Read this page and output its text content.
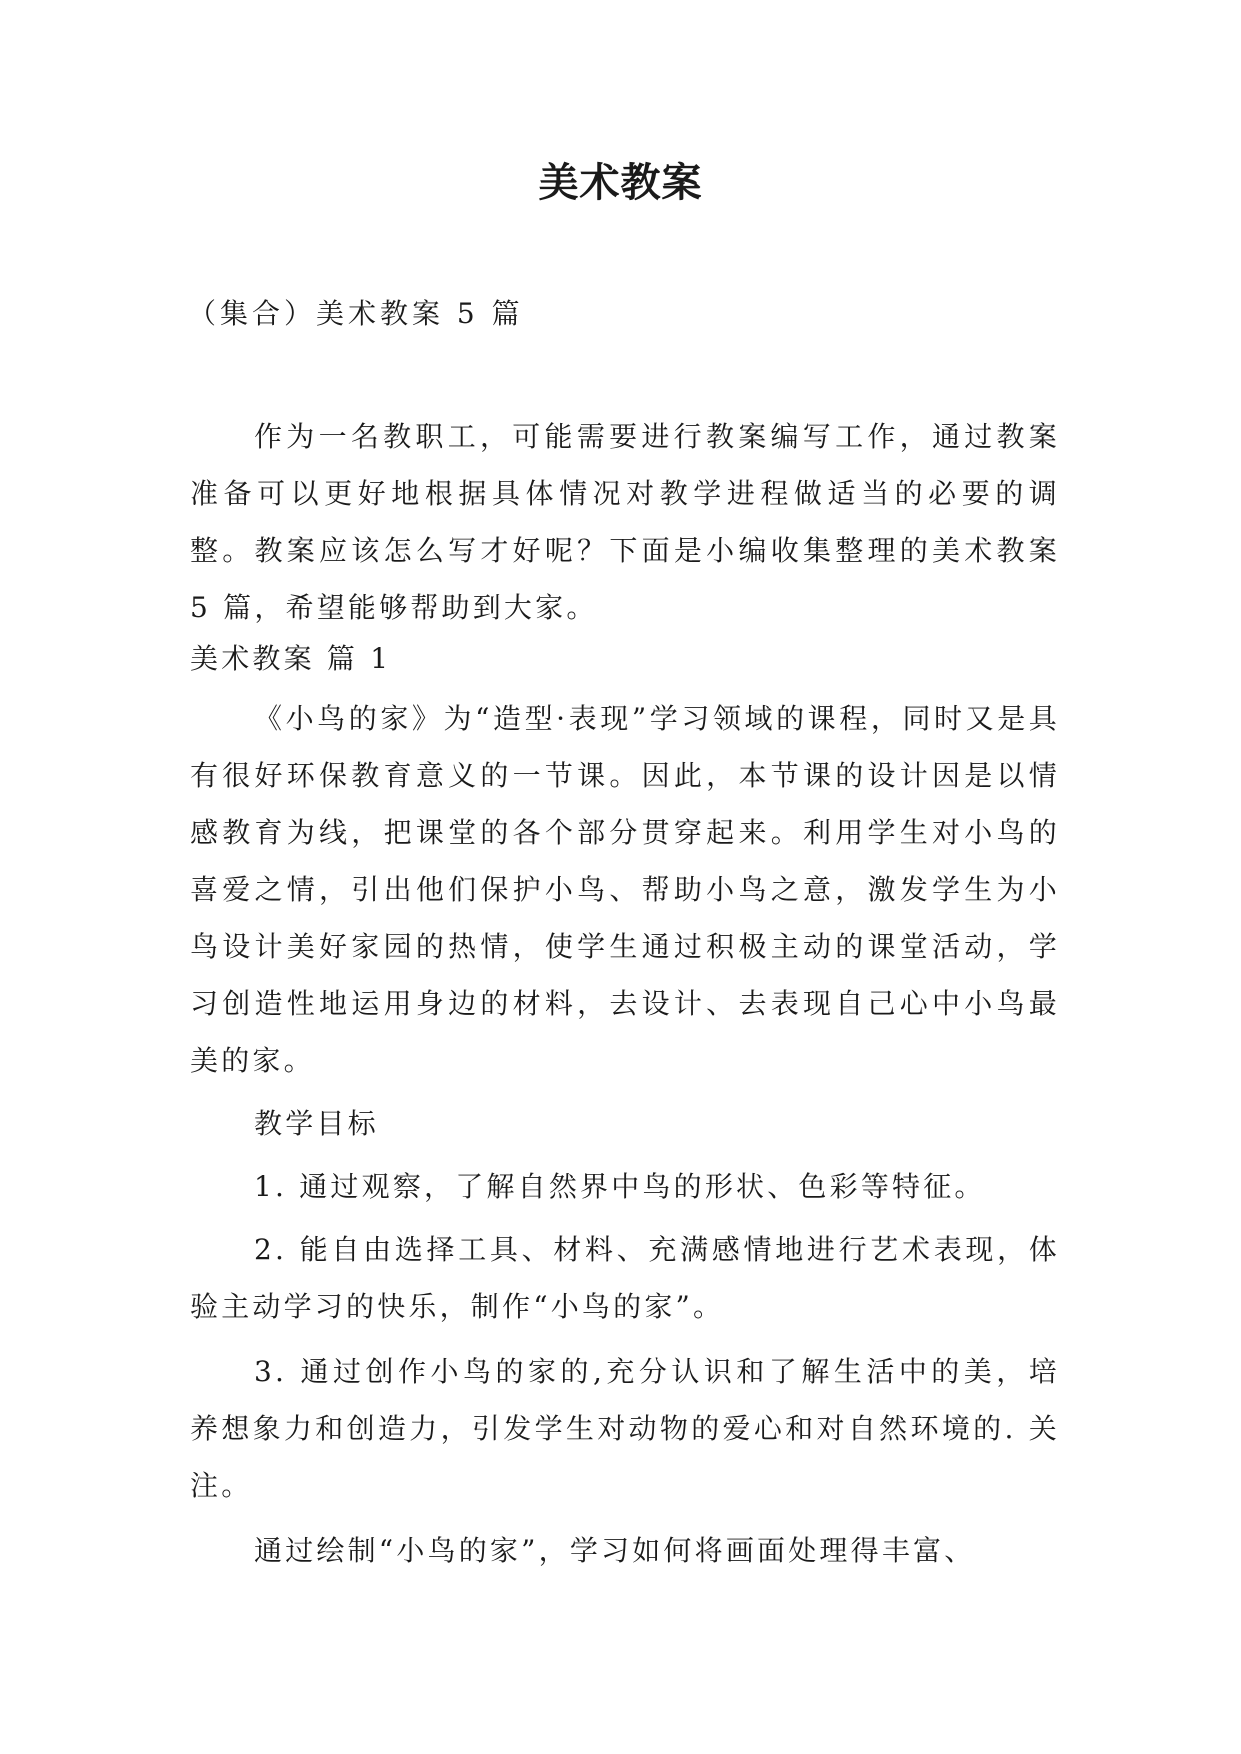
美术教案
（集合）美术教案 5 篇

作为一名教职工，可能需要进行教案编写工作，通过教案准备可以更好地根据具体情况对教学进程做适当的必要的调整。教案应该怎么写才好呢？下面是小编收集整理的美术教案 5 篇，希望能够帮助到大家。

美术教案 篇 1

《小鸟的家》为“造型·表现”学习领域的课程，同时又是具有很好环保教育意义的一节课。因此，本节课的设计因是以情感教育为线，把课堂的各个部分贯穿起来。利用学生对小鸟的喜爱之情，引出他们保护小鸟、帮助小鸟之意，激发学生为小鸟设计美好家园的热情，使学生通过积极主动的课堂活动，学习创造性地运用身边的材料，去设计、去表现自己心中小鸟最美的家。

教学目标

1. 通过观察，了解自然界中鸟的形状、色彩等特征。

2. 能自由选择工具、材料、充满感情地进行艺术表现，体验主动学习的快乐，制作“小鸟的家”。

3. 通过创作小鸟的家的,充分认识和了解生活中的美，培养想象力和创造力，引发学生对动物的爱心和对自然环境的. 关注。

通过绘制“小鸟的家”，学习如何将画面处理得丰富、
